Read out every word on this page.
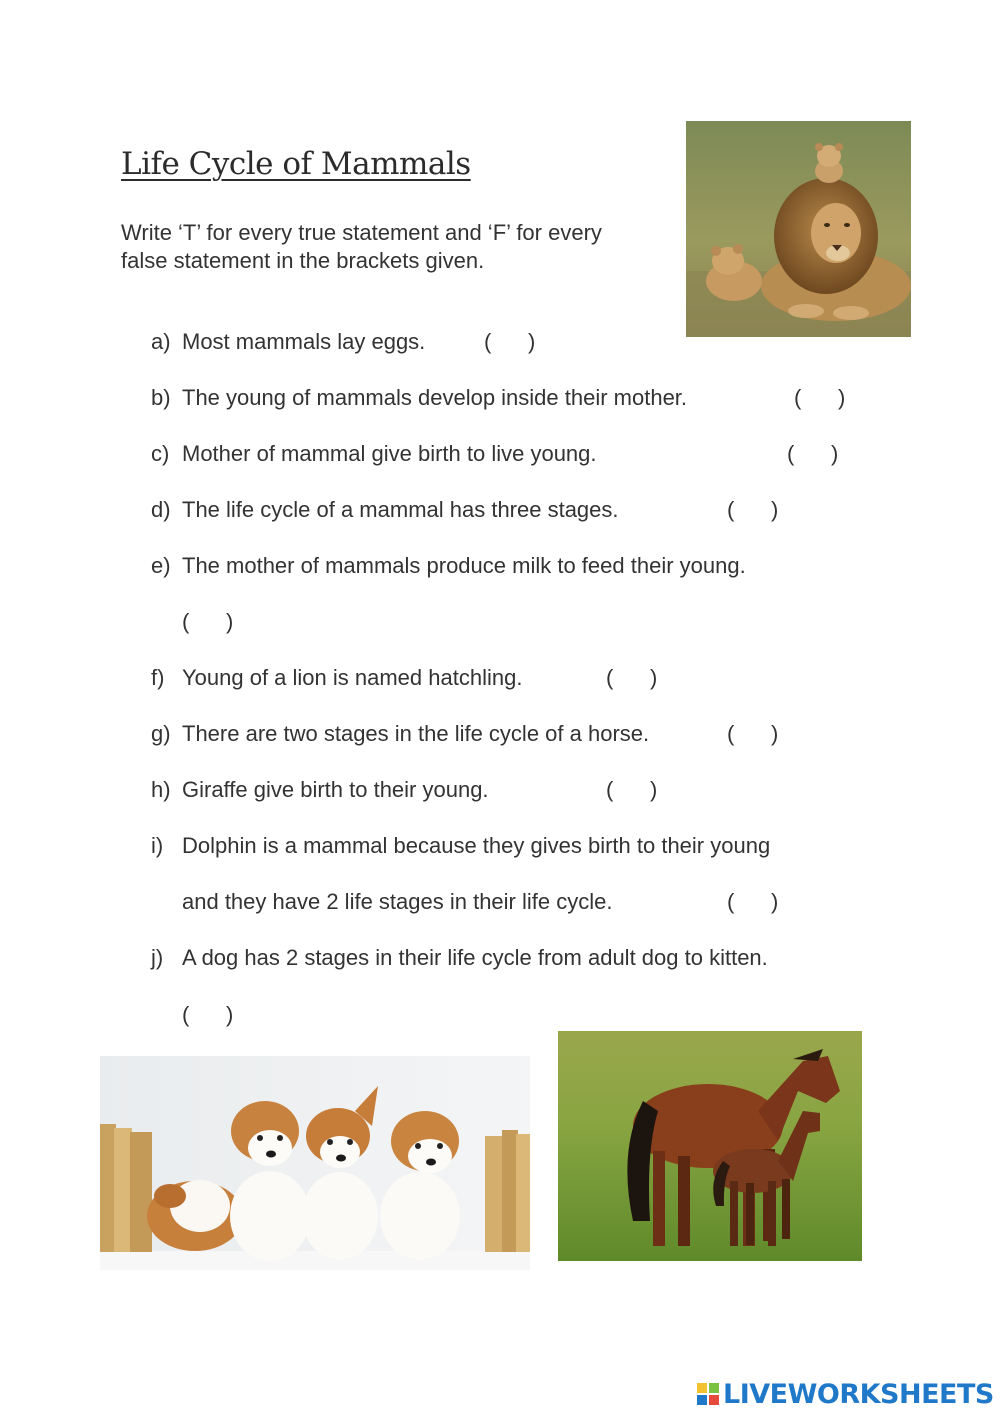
Life Cycle of Mammals
Write ‘T’ for every true statement and ‘F’ for every false statement in the brackets given.
a) Most mammals lay eggs.	(      )
b) The young of mammals develop inside their mother.	(      )
c) Mother of mammal give birth to live young.	(      )
d) The life cycle of a mammal has three stages.	(      )
e) The mother of mammals produce milk to feed their young.
(      )
f) Young of a lion is named hatchling.	(      )
g) There are two stages in the life cycle of a horse.	(      )
h) Giraffe give birth to their young.	(      )
i) Dolphin is a mammal because they gives birth to their young
and they have 2 life stages in their life cycle.	(      )
j) A dog has 2 stages in their life cycle from adult dog to kitten.
(      )
LIVEWORKSHEETS
